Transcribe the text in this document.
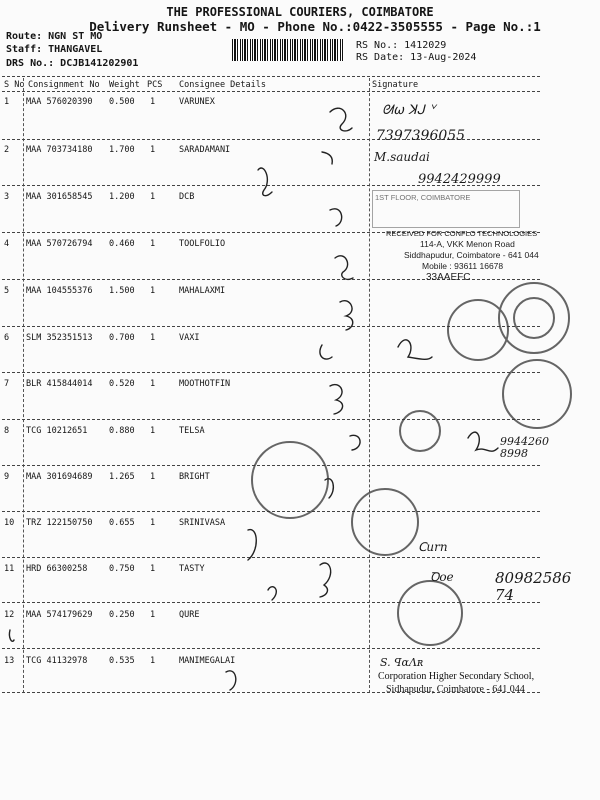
THE PROFESSIONAL COURIERS, COIMBATORE
Delivery Runsheet - MO - Phone No.:0422-3505555 - Page No.:1
Route: NGN ST MO
Staff: THANGAVEL
DRS No.: DCJB141202901
RS No.: 1412029
RS Date: 13-Aug-2024
S No Consignment No Weight PCS Consignee Details	Signature
1 MAA 576020390 0.500 1	VARUNEX
2 MAA 703734180 1.700 1	SARADAMANI
3 MAA 301658545 1.200 1	DCB
4 MAA 570726794 0.460 1	TOOLFOLIO
5 MAA 104555376 1.500 1	MAHALAXMI
6 SLM 352351513 0.700 1	VAXI
7 BLR 415844014 0.520 1	MOOTHOTFIN
8 TCG 10212651	0.880 1	TELSA
9 MAA 301694689 1.265 1	BRIGHT
10 TRZ 122150750 0.655 1	SRINIVASA
11 HRD 66300258	0.750 1	TASTY
12 MAA 574179629 0.250 1	QURE
13 TCG 41132978	0.535 1	MANIMEGALAI
ᘛ⍵ ꓘᒍ ᘁ
7397396055
M.saudai
9942429999
1ST FLOOR, COIMBATORE
RECEIVED FOR CONFLO TECHNOLOGIES
114-A, VKK Menon Road
Siddhapudur, Coimbatore - 641 044
Mobile : 93611 16678
33AAEFC
9944260 8998
ꓚurn
Ꝺoe	8098258674
S. ꟼαΛʀ
Corporation Higher Secondary School,
Sidhapudur, Coimbatore - 641 044
